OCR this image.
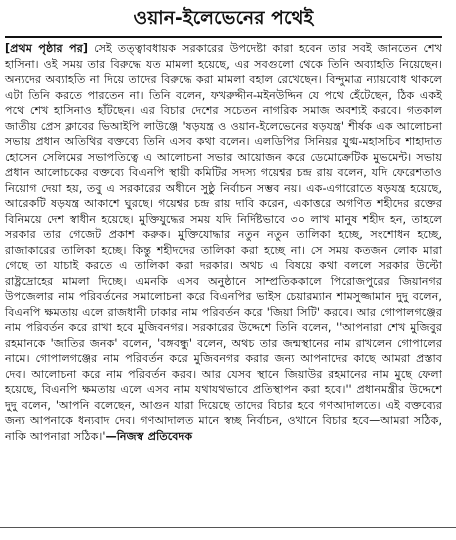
ওয়ান-ইলেভেনের পথেই

[প্রথম পৃষ্ঠার পর] সেই তত্ত্বাবধায়ক সরকারের উপদেষ্টা কারা হবেন তার সবই জানতেন শেখ হাসিনা। ওই সময় তার বিরুদ্ধে যত মামলা হয়েছে, এর সবগুলো থেকে তিনি অব্যাহতি নিয়েছেন। অন্যদের অব্যাহতি না দিয়ে তাদের বিরুদ্ধে করা মামলা বহাল রেখেছেন। বিন্দুমাত্র ন্যায়বোধ থাকলে এটা তিনি করতে পারতেন না। তিনি বলেন, ফখরুদ্দীন-মইনউদ্দিন যে পথে হেঁটেছেন, ঠিক একই পথে শেখ হাসিনাও হাঁটছেন। এর বিচার দেশের সচেতন নাগরিক সমাজ অবশ্যই করবে। গতকাল জাতীয় প্রেস ক্লাবের ভিআইপি লাউঞ্জে 'ষড়যন্ত্র ও ওয়ান-ইলেভেনের ষড়যন্ত্র' শীর্ষক এক আলোচনা সভায় প্রধান অতিথির বক্তব্যে তিনি এসব কথা বলেন। এলডিপির সিনিয়র যুগ্ম-মহাসচিব শাহাদাত হোসেন সেলিমের সভাপতিত্বে এ আলোচনা সভার আয়োজন করে ডেমোক্রেটিক মুভমেন্ট। সভায় প্রধান আলোচকের বক্তব্যে বিএনপি স্থায়ী কমিটির সদস্য গয়েশ্বর চন্দ্র রায় বলেন, যদি ফেরেশতাও নিয়োগ দেয়া হয়, তবু এ সরকারের অধীনে সুষ্ঠু নির্বাচন সম্ভব নয়। এক-এগারোতে ষড়যন্ত্র হয়েছে, আরেকটি ষড়যন্ত্র আকাশে ঘুরছে। গয়েশ্বর চন্দ্র রায় দাবি করেন, একাত্তরে অগণিত শহীদের রক্তের বিনিময়ে দেশ স্বাধীন হয়েছে। মুক্তিযুদ্ধের সময় যদি নির্দিষ্টভাবে ৩০ লাখ মানুষ শহীদ হন, তাহলে সরকার তার গেজেট প্রকাশ করুক। মুক্তিযোদ্ধার নতুন নতুন তালিকা হচ্ছে, সংশোধন হচ্ছে, রাজাকারের তালিকা হচ্ছে। কিন্তু শহীদদের তালিকা করা হচ্ছে না। সে সময় কতজন লোক মারা গেছে তা যাচাই করতে এ তালিকা করা দরকার। অথচ এ বিষয়ে কথা বললে সরকার উল্টো রাষ্ট্রদ্রোহের মামলা দিচ্ছে। এমনকি এসব অনুষ্ঠানে সাম্প্রতিককালে পিরোজপুরের জিয়ানগর উপজেলার নাম পরিবর্তনের সমালোচনা করে বিএনপির ভাইস চেয়ারম্যান শামসুজ্জামান দুদু বলেন, বিএনপি ক্ষমতায় এলে রাজধানী ঢাকার নাম পরিবর্তন করে 'জিয়া সিটি' করবে। আর গোপালগঞ্জের নাম পরিবর্তন করে রাখা হবে মুজিবনগর। সরকারের উদ্দেশে তিনি বলেন, ''আপনারা শেখ মুজিবুর রহমানকে 'জাতির জনক' বলেন, 'বঙ্গবন্ধু' বলেন, অথচ তার জন্মস্থানের নাম রাখলেন গোপালের নামে। গোপালগঞ্জের নাম পরিবর্তন করে মুজিবনগর করার জন্য আপনাদের কাছে আমরা প্রস্তাব দেব। আলোচনা করে নাম পরিবর্তন করব। আর যেসব স্থানে জিয়াউর রহমানের নাম মুছে ফেলা হয়েছে, বিএনপি ক্ষমতায় এলে এসব নাম যথাযথভাবে প্রতিস্থাপন করা হবে।'' প্রধানমন্ত্রীর উদ্দেশে দুদু বলেন, 'আপনি বলেছেন, আগুন যারা দিয়েছে তাদের বিচার হবে গণআদালতে। এই বক্তব্যের জন্য আপনাকে ধন্যবাদ দেব। গণআদালত মানে স্বচ্ছ নির্বাচন, ওখানে বিচার হবে—আমরা সঠিক, নাকি আপনারা সঠিক।'—নিজস্ব প্রতিবেদক
